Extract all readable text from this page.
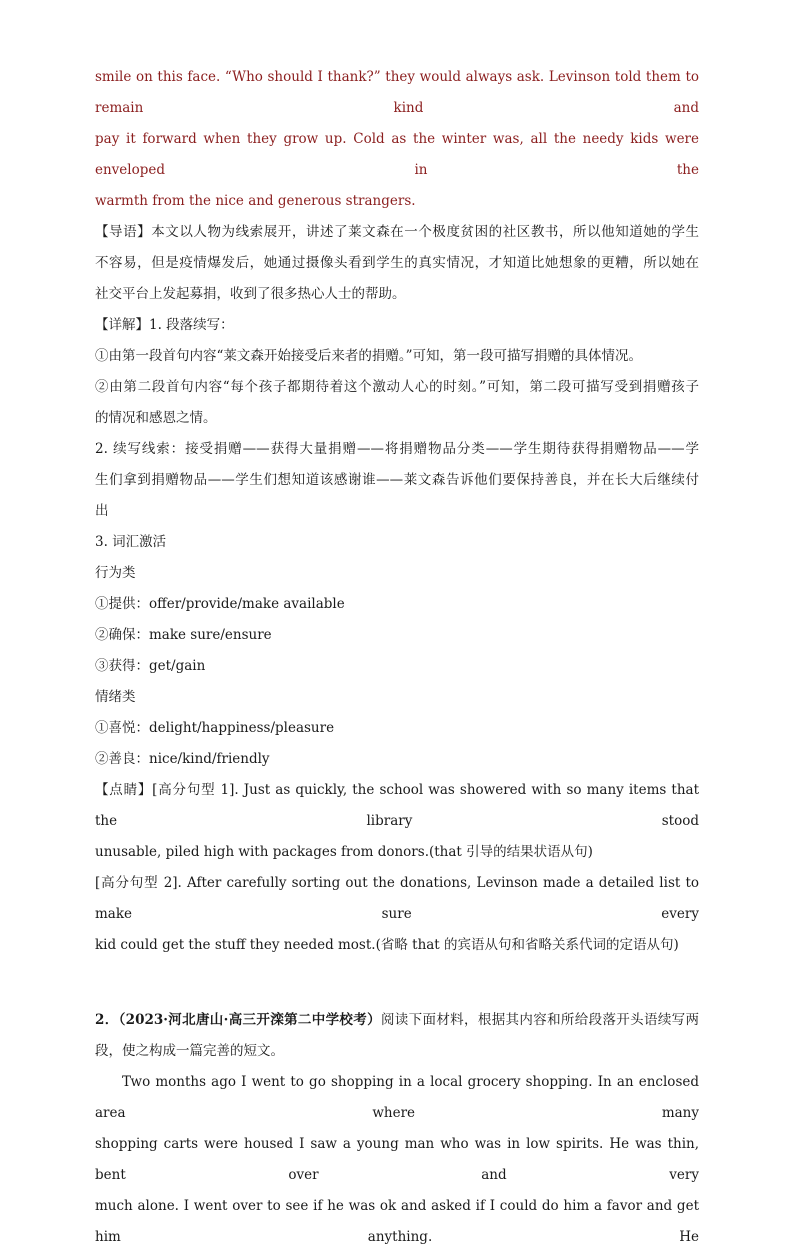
smile on this face. “Who should I thank?” they would always ask. Levinson told them to remain kind and

pay it forward when they grow up. Cold as the winter was, all the needy kids were enveloped in the

warmth from the nice and generous strangers.

【导语】本文以人物为线索展开，讲述了莱文森在一个极度贫困的社区教书，所以他知道她的学生

不容易，但是疫情爆发后，她通过摄像头看到学生的真实情况，才知道比她想象的更糟，所以她在

社交平台上发起募捐，收到了很多热心人士的帮助。

【详解】1. 段落续写：

①由第一段首句内容“莱文森开始接受后来者的捐赠。”可知，第一段可描写捐赠的具体情况。

②由第二段首句内容“每个孩子都期待着这个激动人心的时刻。”可知，第二段可描写受到捐赠孩子

的情况和感恩之情。

2. 续写线索：接受捐赠——获得大量捐赠——将捐赠物品分类——学生期待获得捐赠物品——学

生们拿到捐赠物品——学生们想知道该感谢谁——莱文森告诉他们要保持善良，并在长大后继续付

出

3. 词汇激活

行为类

①提供：offer/provide/make available

②确保：make sure/ensure

③获得：get/gain

情绪类

①喜悦：delight/happiness/pleasure

②善良：nice/kind/friendly

【点睛】[高分句型 1]. Just as quickly, the school was showered with so many items that the library stood

unusable, piled high with packages from donors.(that 引导的结果状语从句)

[高分句型 2]. After carefully sorting out the donations, Levinson made a detailed list to make sure every

kid could get the stuff they needed most.(省略 that 的宾语从句和省略关系代词的定语从句)

2．（2023·河北唐山·高三开滦第二中学校考）阅读下面材料，根据其内容和所给段落开头语续写两

段，使之构成一篇完善的短文。

Two months ago I went to go shopping in a local grocery shopping. In an enclosed area where many

shopping carts were housed I saw a young man who was in low spirits. He was thin, bent over and very

much alone. I went over to see if he was ok and asked if I could do him a favor and get him anything. He
